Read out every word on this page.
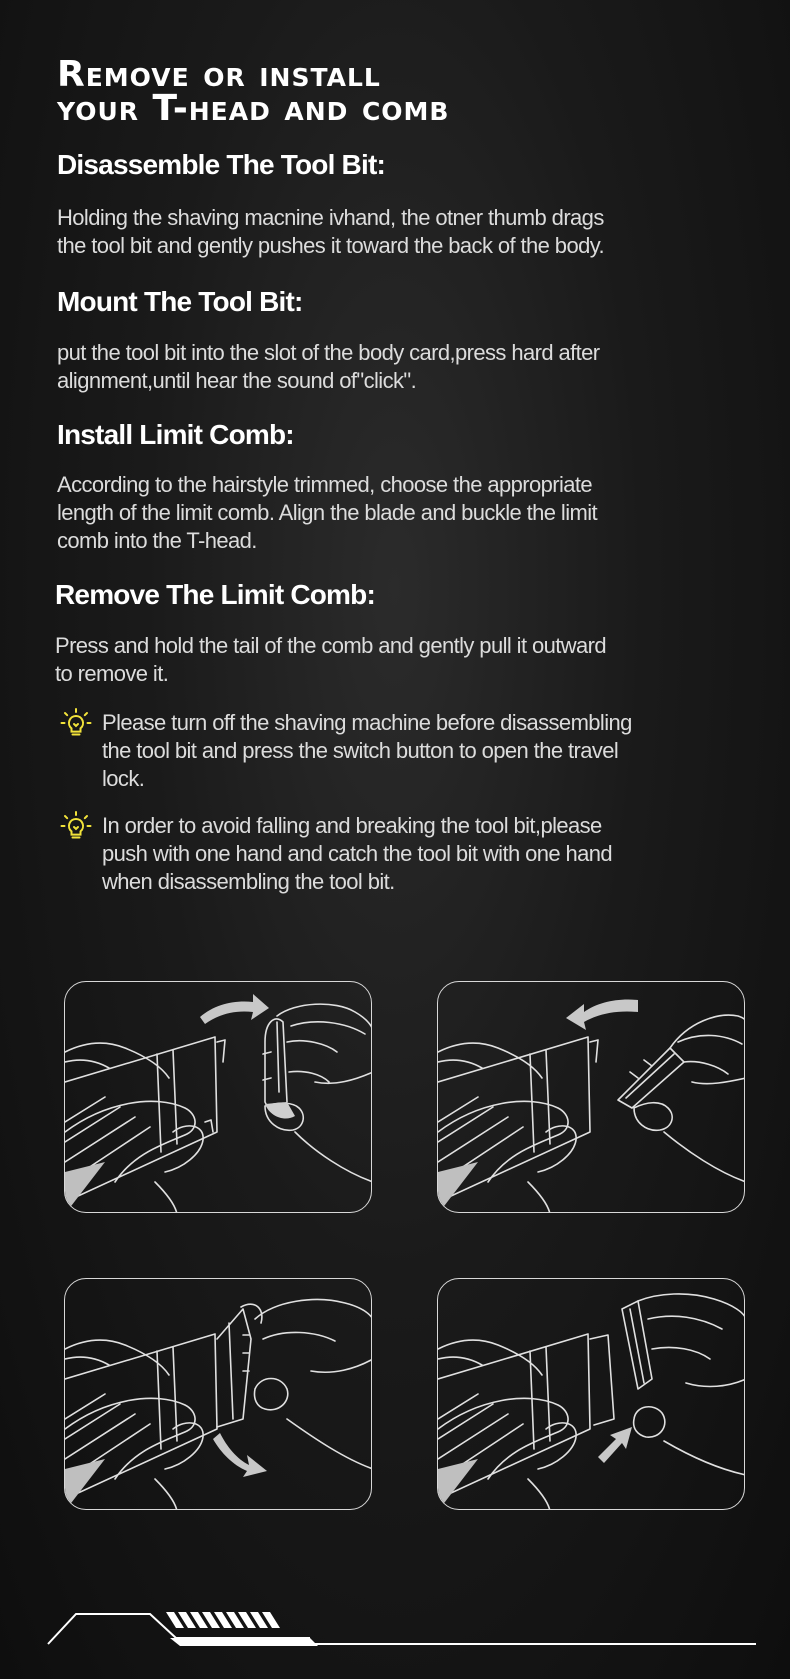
Remove or install
your T-head and comb
Disassemble The Tool Bit:

Holding the shaving macnine ivhand, the otner thumb drags
the tool bit and gently pushes it toward the back of the body.

Mount The Tool Bit:

put the tool bit into the slot of the body card,press hard after
alignment,until hear the sound of"click".

Install Limit Comb:

According to the hairstyle trimmed, choose the appropriate
length of the limit comb. Align the blade and buckle the limit
comb into the T-head.

Remove The Limit Comb:

Press and hold the tail of the comb and gently pull it outward
to remove it.

Please turn off the shaving machine before disassembling
the tool bit and press the switch button to open the travel
lock.
In order to avoid falling and breaking the tool bit,please
push with one hand and catch the tool bit with one hand
when disassembling the tool bit.
